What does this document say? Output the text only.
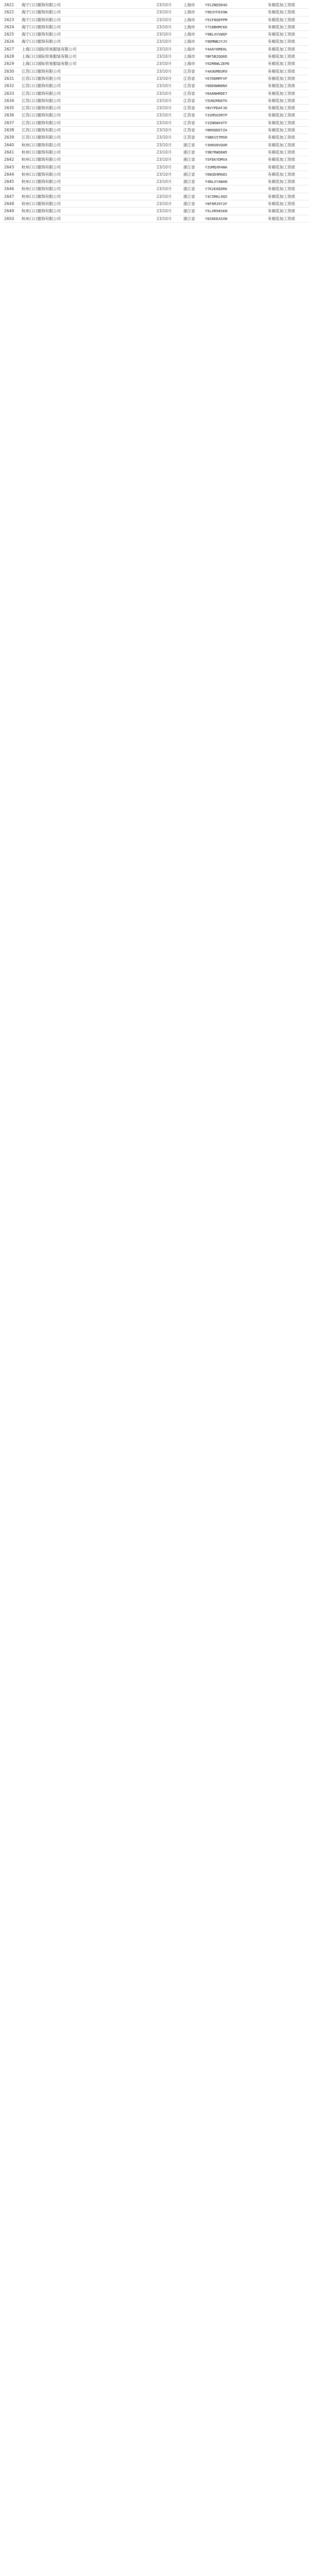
2621	海宁口口服饰有限公司	23/10月	上海市	Y91ZNQ5D4G	有棉花加工资质
2622	海宁口口服饰有限公司	23/10月	上海市	Y9D3YFEX9W	有棉花加工资质
2623	海宁口口服饰有限公司	23/10月	上海市	Y91F8QEPPM	有棉花加工资质
2624	海宁口口服饰有限公司	23/10月	上海市	Y7S8B0MCKD	有棉花加工资质
2625	海宁口口服饰有限公司	23/10月	上海市	Y9BLXVSWQF	有棉花加工资质
2626	海宁口口服饰有限公司	23/10月	上海市	Y9DMNBJYJV	有棉花加工资质
2627	上海口口国际贸易服装有限公司	23/10月	上海市	Y4A6Y6MEHL	有棉花加工资质
2628	上海口口国际贸易服装有限公司	23/10月	上海市	YBF5B2QQ6D	有棉花加工资质
2629	上海口口国际贸易服装有限公司	23/10月	上海市	Y92M8WLZEPE	有棉花加工资质
2630	江苏口口服饰有限公司	23/10月	江苏省	Y4A9UMEUR9	有棉花加工资质
2631	江苏口口服饰有限公司	23/10月	江苏省	Y67D6RMYVF	有棉花加工资质
2632	江苏口口服饰有限公司	23/10月	江苏省	Y88D0WN0NX	有棉花加工资质
2633	江苏口口服饰有限公司	23/10月	江苏省	Y6A6NHRDE7	有棉花加工资质
2634	江苏口口服饰有限公司	23/10月	江苏省	Y5UN2MG6TK	有棉花加工资质
2635	江苏口口服饰有限公司	23/10月	江苏省	Y8VYPDAFJD	有棉花加工资质
2636	江苏口口服饰有限公司	23/10月	江苏省	Y3SM5G5RTP	有棉花加工资质
2637	江苏口口服饰有限公司	23/10月	江苏省	Y3ZN6WX4TF	有棉花加工资质
2638	江苏口口服饰有限公司	23/10月	江苏省	Y8N9QDETZA	有棉花加工资质
2639	江苏口口服饰有限公司	23/10月	江苏省	Y9BKS5TMSR	有棉花加工资质
2640	杭州口口服饰有限公司	23/10月	浙江省	Y3H6U8VQAR	有棉花加工资质
2641	杭州口口服饰有限公司	23/10月	浙江省	Y9B7RWQ6W5	有棉花加工资质
2642	杭州口口服饰有限公司	23/10月	浙江省	Y5FEKYDMVA	有棉花加工资质
2643	杭州口口服饰有限公司	23/10月	浙江省	Y2UMQXR4WA	有棉花加工资质
2644	杭州口口服饰有限公司	23/10月	浙江省	Y6W3D9MA8S	有棉花加工资质
2645	杭州口口服饰有限公司	23/10月	浙江省	Y4NLXYAWAN	有棉花加工资质
2646	杭州口口服饰有限公司	23/10月	浙江省	Y7K2E6EDRK	有棉花加工资质
2647	杭州口口服饰有限公司	23/10月	浙江省	Y3C5RKL9QX	有棉花加工资质
2648	杭州口口服饰有限公司	23/10月	浙江省	Y8F6MJ6Y2F	有棉花加工资质
2649	杭州口口服饰有限公司	23/10月	浙江省	Y5LXR98SKN	有棉花加工资质
2650	杭州口口服饰有限公司	23/10月	浙江省	Y8Z6KEA5XN	有棉花加工资质
